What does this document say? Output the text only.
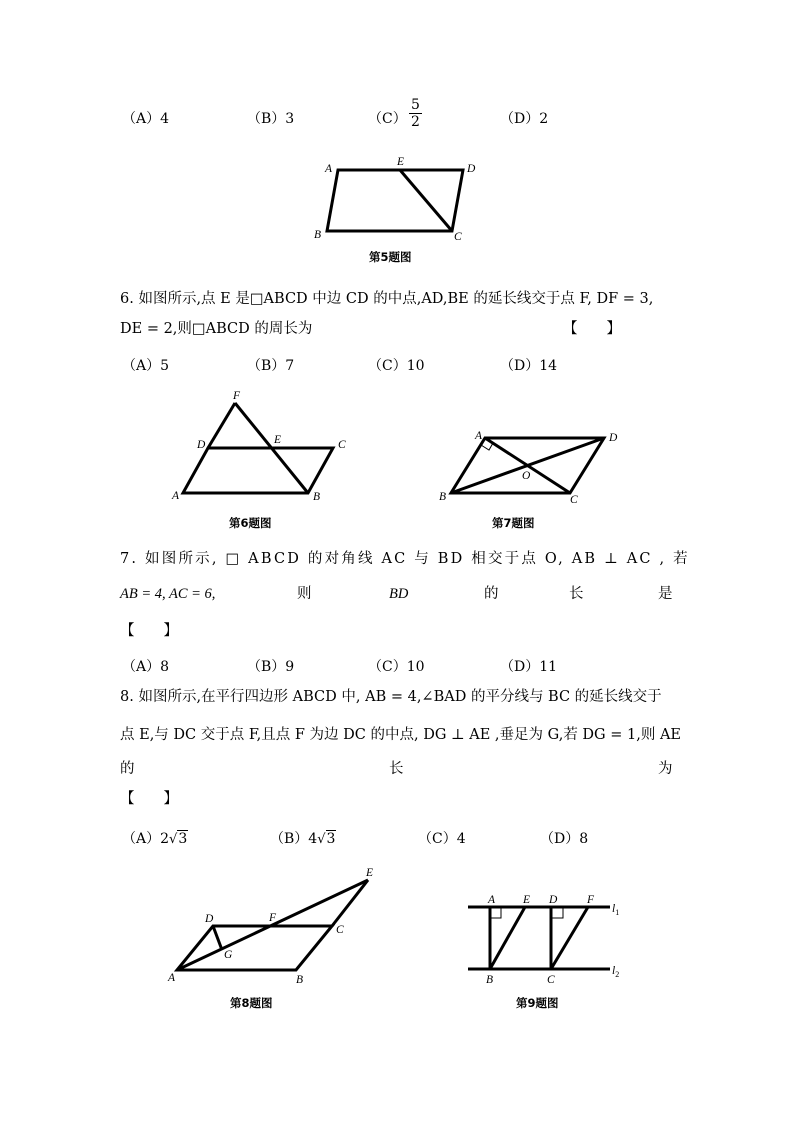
（A）4	（B）3	$(C) \frac{5}{2}$	（D）2
A
E
D
B	C
F
D	E	C
A	B
A	D
O
B	C
E
D	F
C
G
A	B
A E D	F
B	C
$l_1$
$l_2$
第5题图
6. 如图所示,点 E 是□ABCD 中边 CD 的中点,AD,BE 的延长线交于点 F, DF = 3,
DE = 2,则□ABCD 的周长为	【　　】
（A）5	（B）7	（C）10	（D）14
第6题图	第7题图
7. 如图所示, □ ABCD 的对角线 AC 与 BD 相交于点 O, AB ⊥ AC , 若
AB = 4, AC = 6,	则	BD	的	长	是
【　　】
（A）8	（B）9	（C）10	（D）11
8. 如图所示,在平行四边形 ABCD 中, AB = 4,∠BAD 的平分线与 BC 的延长线交于
点 E,与 DC 交于点 F,且点 F 为边 DC 的中点, DG ⊥ AE ,垂足为 G,若 DG = 1,则 AE
的	长	为
【　　】
（A）2√3	（B）4√3	（C）4	（D）8
第8题图	第9题图
